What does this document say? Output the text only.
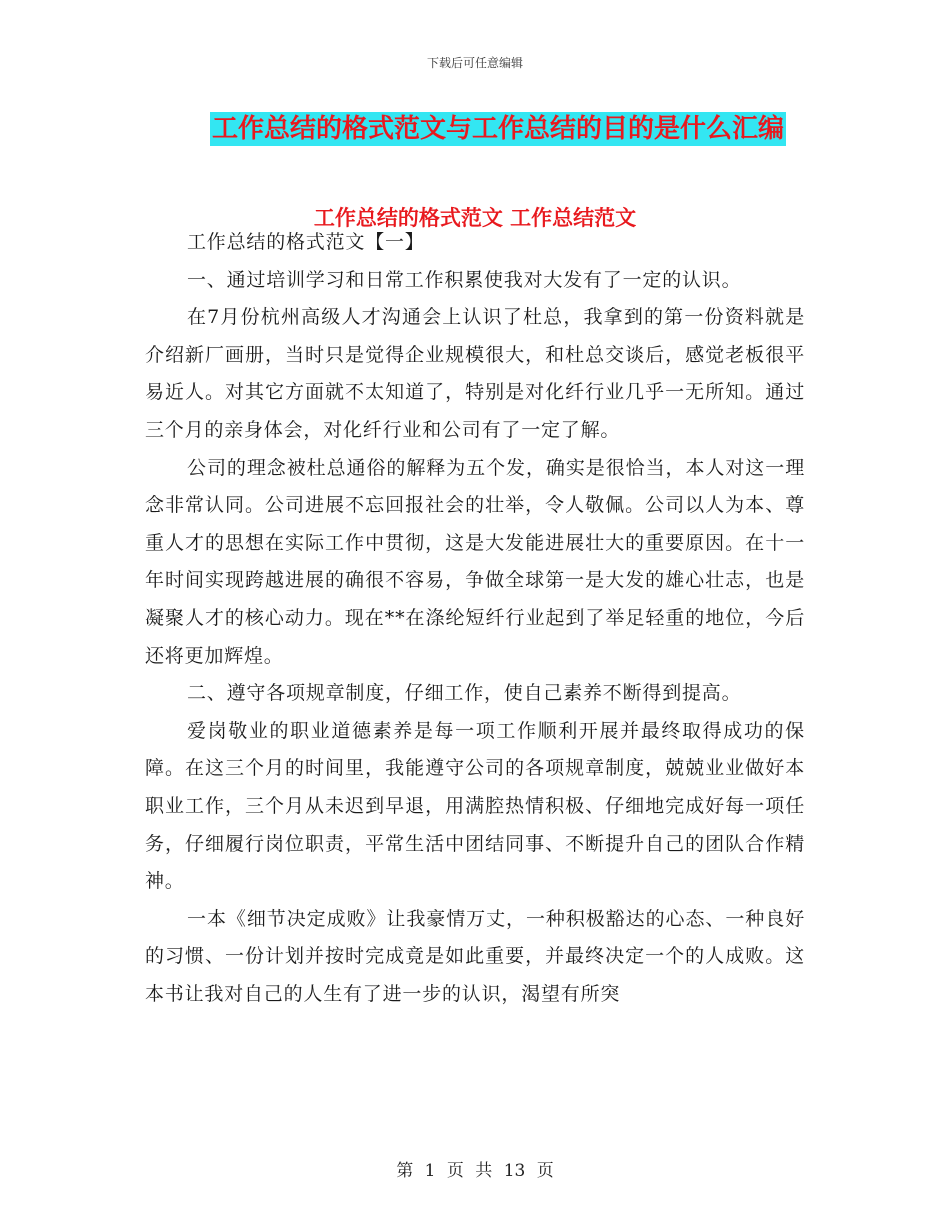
下载后可任意编辑
工作总结的格式范文与工作总结的目的是什么汇编
工作总结的格式范文 工作总结范文

工作总结的格式范文【一】

一、通过培训学习和日常工作积累使我对大发有了一定的认识。

在7月份杭州高级人才沟通会上认识了杜总，我拿到的第一份资料就是介绍新厂画册，当时只是觉得企业规模很大，和杜总交谈后，感觉老板很平易近人。对其它方面就不太知道了，特别是对化纤行业几乎一无所知。通过三个月的亲身体会，对化纤行业和公司有了一定了解。

公司的理念被杜总通俗的解释为五个发，确实是很恰当，本人对这一理念非常认同。公司进展不忘回报社会的壮举，令人敬佩。公司以人为本、尊重人才的思想在实际工作中贯彻，这是大发能进展壮大的重要原因。在十一年时间实现跨越进展的确很不容易，争做全球第一是大发的雄心壮志，也是凝聚人才的核心动力。现在**在涤纶短纤行业起到了举足轻重的地位，今后还将更加辉煌。

二、遵守各项规章制度，仔细工作，使自己素养不断得到提高。

爱岗敬业的职业道德素养是每一项工作顺利开展并最终取得成功的保障。在这三个月的时间里，我能遵守公司的各项规章制度，兢兢业业做好本职业工作，三个月从未迟到早退，用满腔热情积极、仔细地完成好每一项任务，仔细履行岗位职责，平常生活中团结同事、不断提升自己的团队合作精神。

一本《细节决定成败》让我豪情万丈，一种积极豁达的心态、一种良好的习惯、一份计划并按时完成竟是如此重要，并最终决定一个的人成败。这本书让我对自己的人生有了进一步的认识，渴望有所突

第 1 页 共 13 页
